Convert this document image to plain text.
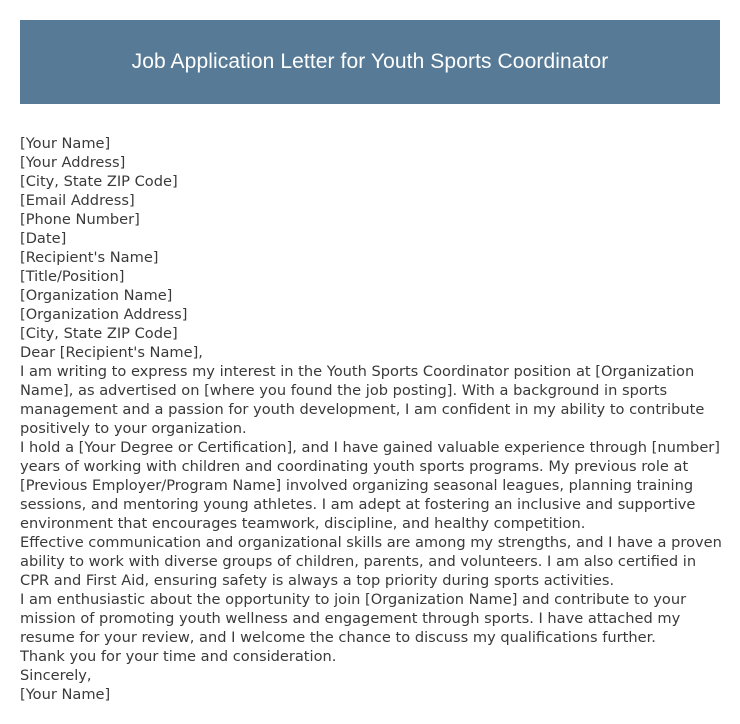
Job Application Letter for Youth Sports Coordinator
[Your Name]
[Your Address]
[City, State ZIP Code]
[Email Address]
[Phone Number]
[Date]
[Recipient's Name]
[Title/Position]
[Organization Name]
[Organization Address]
[City, State ZIP Code]
Dear [Recipient's Name],
I am writing to express my interest in the Youth Sports Coordinator position at [Organization Name], as advertised on [where you found the job posting]. With a background in sports management and a passion for youth development, I am confident in my ability to contribute positively to your organization.
I hold a [Your Degree or Certification], and I have gained valuable experience through [number] years of working with children and coordinating youth sports programs. My previous role at [Previous Employer/Program Name] involved organizing seasonal leagues, planning training sessions, and mentoring young athletes. I am adept at fostering an inclusive and supportive environment that encourages teamwork, discipline, and healthy competition.
Effective communication and organizational skills are among my strengths, and I have a proven ability to work with diverse groups of children, parents, and volunteers. I am also certified in CPR and First Aid, ensuring safety is always a top priority during sports activities.
I am enthusiastic about the opportunity to join [Organization Name] and contribute to your mission of promoting youth wellness and engagement through sports. I have attached my resume for your review, and I welcome the chance to discuss my qualifications further.
Thank you for your time and consideration.
Sincerely,
[Your Name]
